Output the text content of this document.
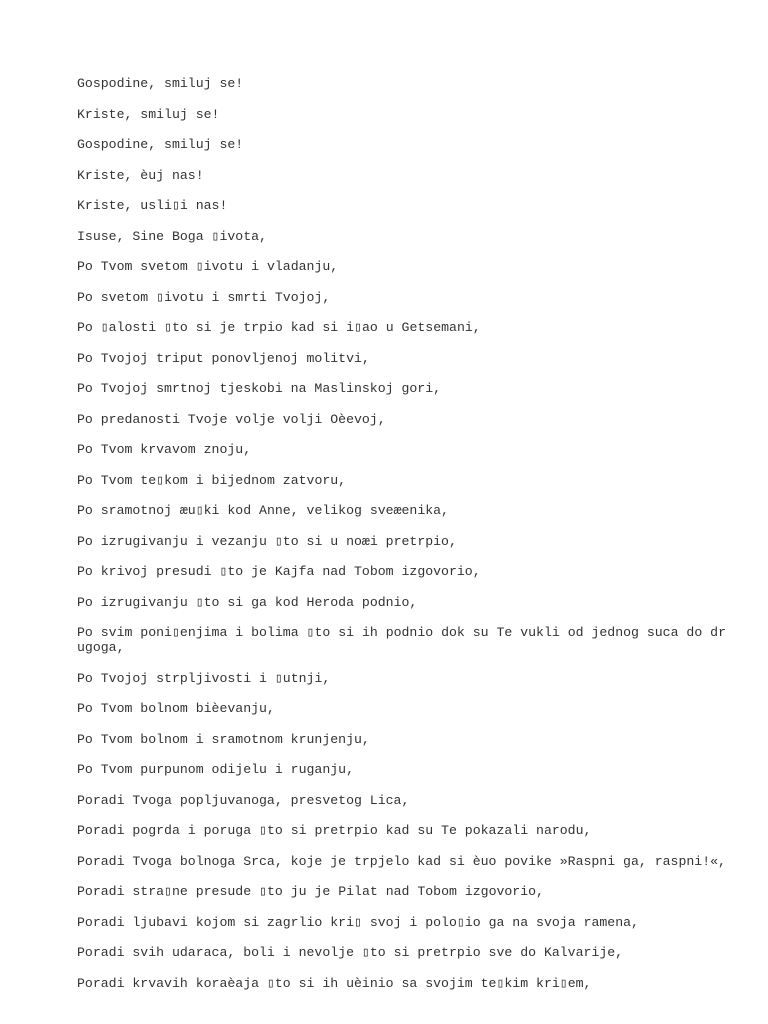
Gospodine, smiluj se!
Kriste, smiluj se!
Gospodine, smiluj se!
Kriste, èuj nas!
Kriste, usli▯i nas!
Isuse, Sine Boga ▯ivota,
Po Tvom svetom ▯ivotu i vladanju,
Po svetom ▯ivotu i smrti Tvojoj,
Po ▯alosti ▯to si je trpio kad si i▯ao u Getsemani,
Po Tvojoj triput ponovljenoj molitvi,
Po Tvojoj smrtnoj tjeskobi na Maslinskoj gori,
Po predanosti Tvoje volje volji Oèevoj,
Po Tvom krvavom znoju,
Po Tvom te▯kom i bijednom zatvoru,
Po sramotnoj æu▯ki kod Anne, velikog sveæenika,
Po izrugivanju i vezanju ▯to si u noæi pretrpio,
Po krivoj presudi ▯to je Kajfa nad Tobom izgovorio,
Po izrugivanju ▯to si ga kod Heroda podnio,
Po svim poni▯enjima i bolima ▯to si ih podnio dok su Te vukli od jednog suca do drugoga,
Po Tvojoj strpljivosti i ▯utnji,
Po Tvom bolnom bièevanju,
Po Tvom bolnom i sramotnom krunjenju,
Po Tvom purpunom odijelu i ruganju,
Poradi Tvoga popljuvanoga, presvetog Lica,
Poradi pogrda i poruga ▯to si pretrpio kad su Te pokazali narodu,
Poradi Tvoga bolnoga Srca, koje je trpjelo kad si èuo povike »Raspni ga, raspni!«,
Poradi stra▯ne presude ▯to ju je Pilat nad Tobom izgovorio,
Poradi ljubavi kojom si zagrlio kri▯ svoj i polo▯io ga na svoja ramena,
Poradi svih udaraca, boli i nevolje ▯to si pretrpio sve do Kalvarije,
Poradi krvavih koraèaja ▯to si ih uèinio sa svojim te▯kim kri▯em,
